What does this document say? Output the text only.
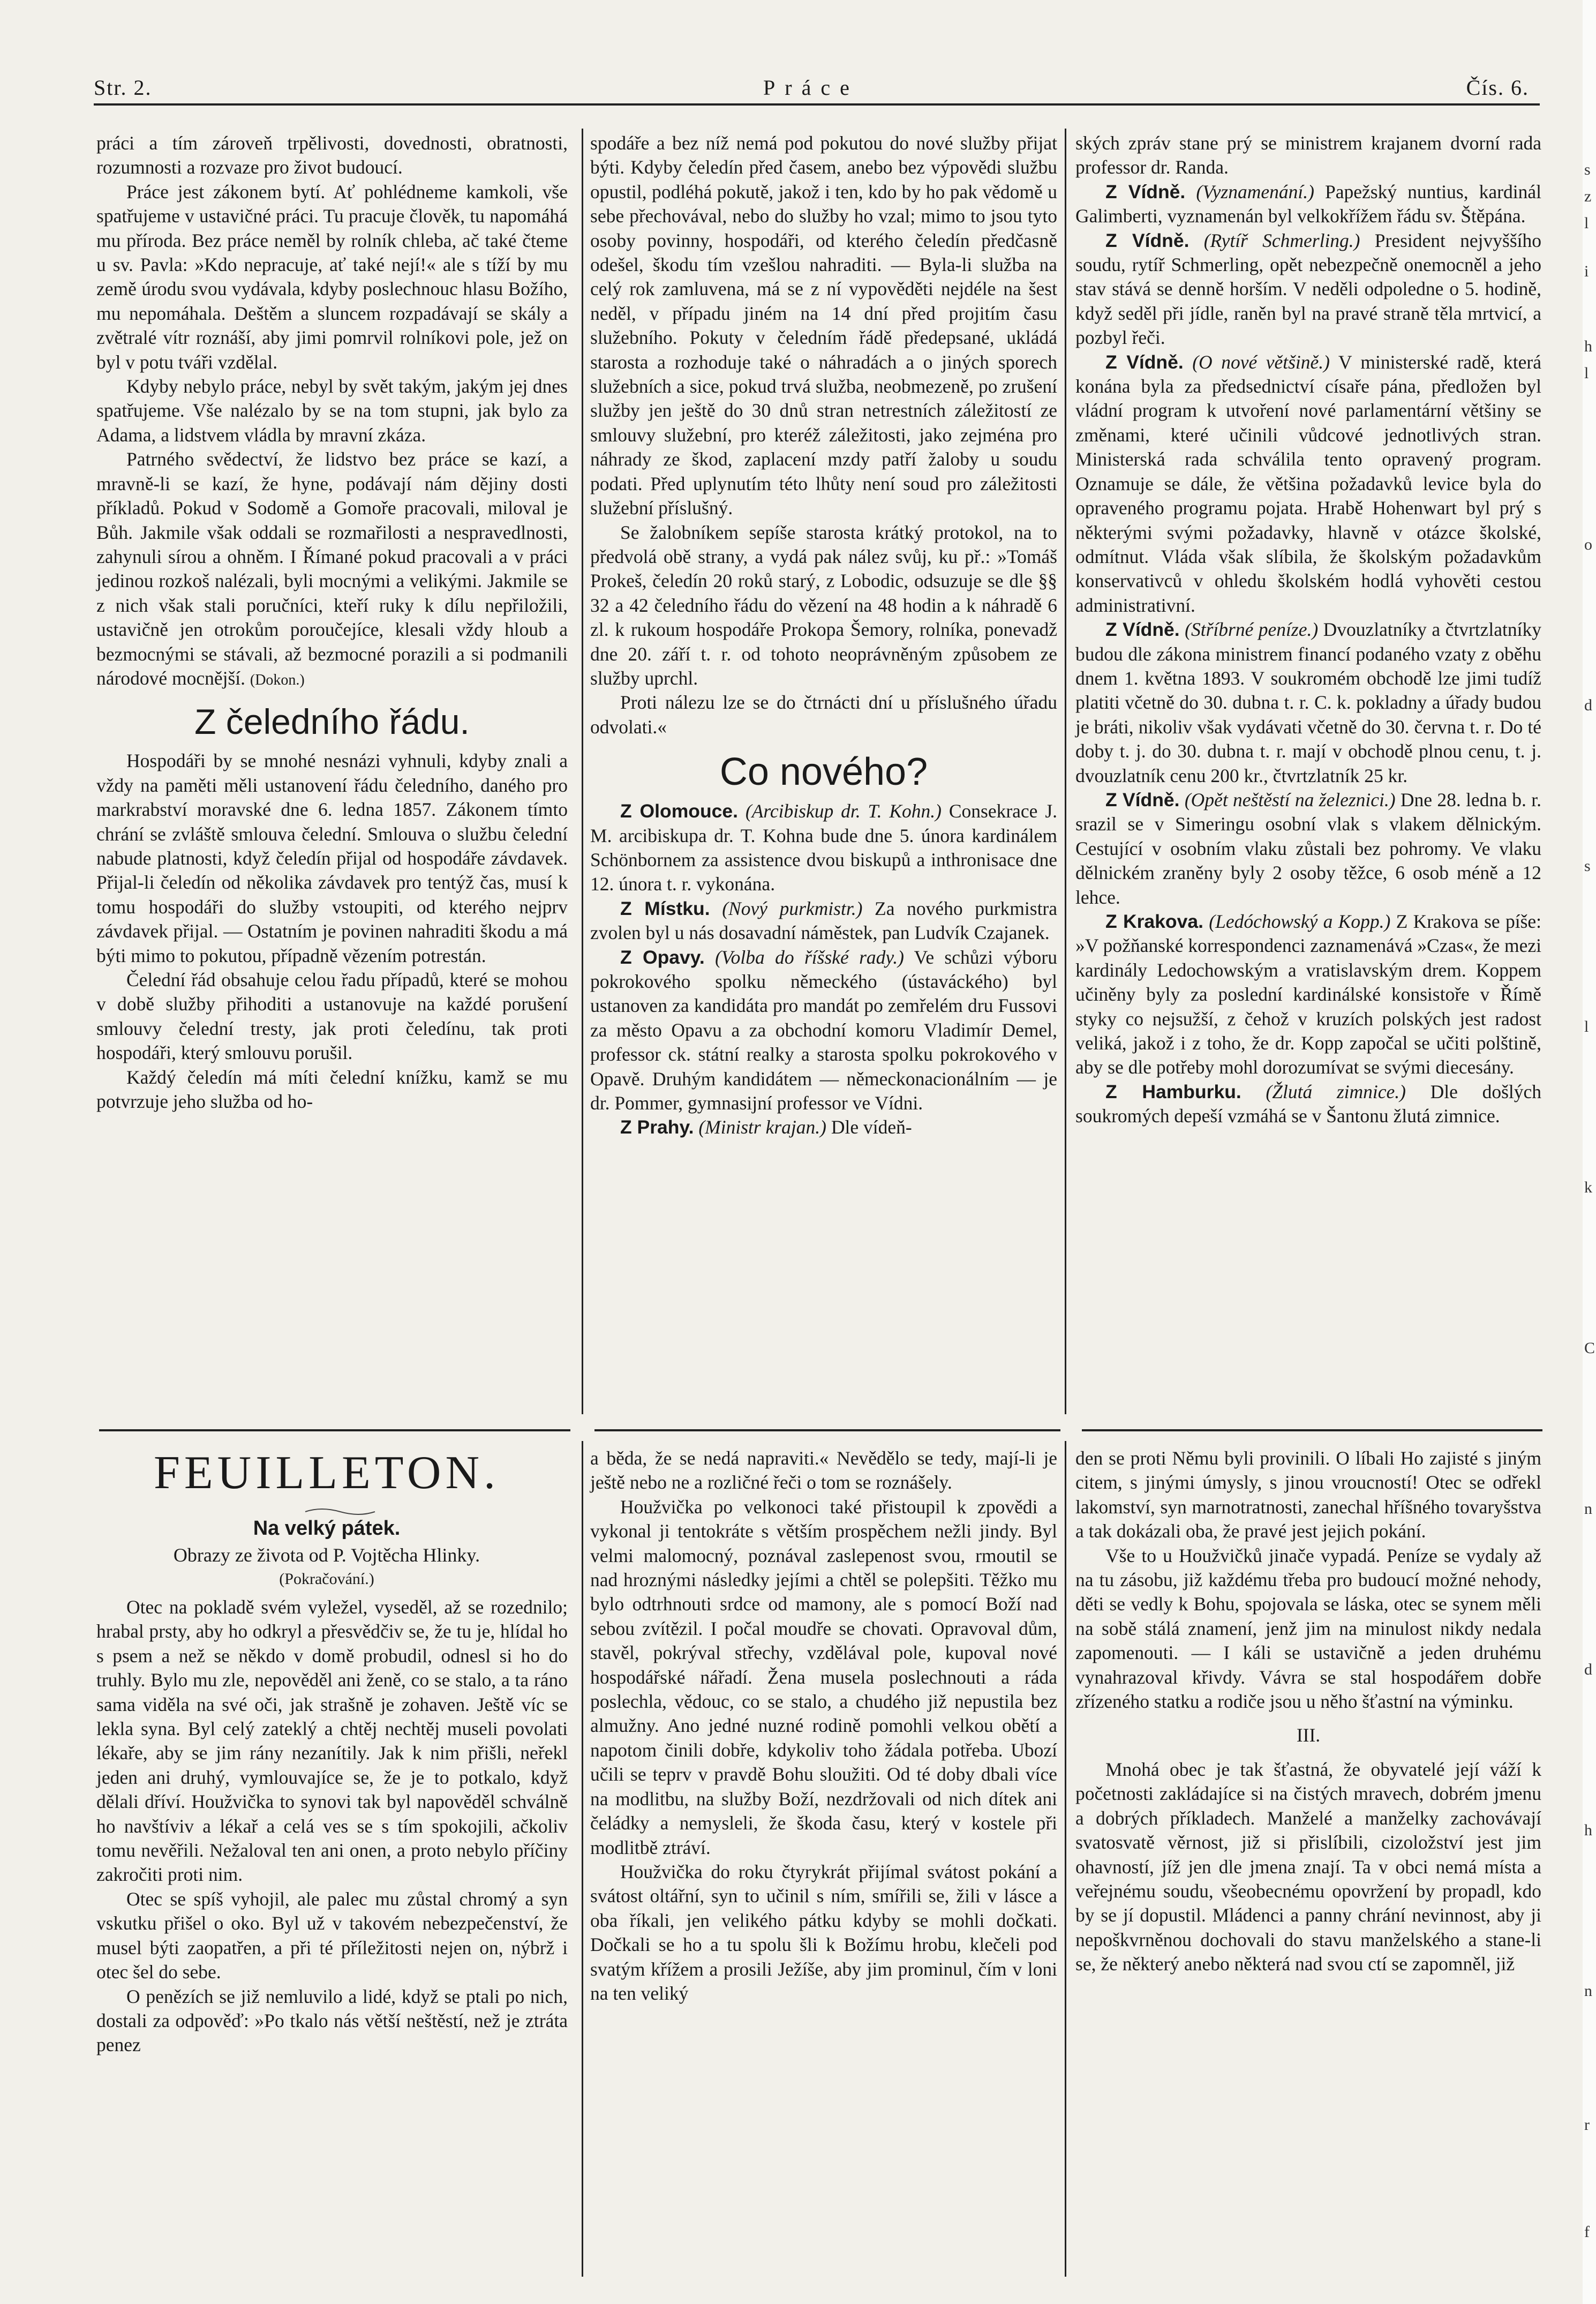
Str. 2.	Práce	Čís. 6.

práci a tím zároveň trpělivosti, dovednosti, obratnosti, rozumnosti a rozvaze pro život budoucí.

Práce jest zákonem bytí. Ať pohlédneme kamkoli, vše spatřujeme v ustavičné práci. Tu pracuje člověk, tu napomáhá mu příroda. Bez práce neměl by rolník chleba, ač také čteme u sv. Pavla: »Kdo nepracuje, ať také nejí!« ale s tíží by mu země úrodu svou vydávala, kdyby poslechnouc hlasu Božího, mu nepomáhala. Deštěm a sluncem rozpadávají se skály a zvětralé vítr roznáší, aby jimi pomrvil rolníkovi pole, jež on byl v potu tváři vzdělal.

Kdyby nebylo práce, nebyl by svět takým, jakým jej dnes spatřujeme. Vše nalézalo by se na tom stupni, jak bylo za Adama, a lidstvem vládla by mravní zkáza.

Patrného svědectví, že lidstvo bez práce se kazí, a mravně-li se kazí, že hyne, podávají nám dějiny dosti příkladů. Pokud v Sodomě a Gomoře pracovali, miloval je Bůh. Jakmile však oddali se rozmařilosti a nespravedlnosti, zahynuli sírou a ohněm. I Římané pokud pracovali a v práci jedinou rozkoš nalézali, byli mocnými a velikými. Jakmile se z nich však stali poručníci, kteří ruky k dílu nepřiložili, ustavičně jen otrokům poroučejíce, klesali vždy hloub a bezmocnými se stávali, až bezmocné porazili a si podmanili národové mocnější. (Dokon.)

Z čeledního řádu.

Hospodáři by se mnohé nesnázi vyhnuli, kdyby znali a vždy na paměti měli ustanovení řádu čeledního, daného pro markrabství moravské dne 6. ledna 1857. Zákonem tímto chrání se zvláště smlouva čelední. Smlouva o službu čelední nabude platnosti, když čeledín přijal od hospodáře závdavek. Přijal-li čeledín od několika závdavek pro tentýž čas, musí k tomu hospodáři do služby vstoupiti, od kterého nejprv závdavek přijal. — Ostatním je povinen nahraditi škodu a má býti mimo to pokutou, případně vězením potrestán.

Čelední řád obsahuje celou řadu případů, které se mohou v době služby přihoditi a ustanovuje na každé porušení smlouvy čelední tresty, jak proti čeledínu, tak proti hospodáři, který smlouvu porušil.

Každý čeledín má míti čelední knížku, kamž se mu potvrzuje jeho služba od ho-

spodáře a bez níž nemá pod pokutou do nové služby přijat býti. Kdyby čeledín před časem, anebo bez výpovědi službu opustil, podléhá pokutě, jakož i ten, kdo by ho pak vědomě u sebe přechovával, nebo do služby ho vzal; mimo to jsou tyto osoby povinny, hospodáři, od kterého čeledín předčasně odešel, škodu tím vzešlou nahraditi. — Byla-li služba na celý rok zamluvena, má se z ní vypověděti nejdéle na šest neděl, v případu jiném na 14 dní před projitím času služebního. Pokuty v čeledním řádě předepsané, ukládá starosta a rozhoduje také o náhradách a o jiných sporech služebních a sice, pokud trvá služba, neobmezeně, po zrušení služby jen ještě do 30 dnů stran netrestních záležitostí ze smlouvy služební, pro kteréž záležitosti, jako zejména pro náhrady ze škod, zaplacení mzdy patří žaloby u soudu podati. Před uplynutím této lhůty není soud pro záležitosti služební příslušný.

Se žalobníkem sepíše starosta krátký protokol, na to předvolá obě strany, a vydá pak nález svůj, ku př.: »Tomáš Prokeš, čeledín 20 roků starý, z Lobodic, odsuzuje se dle §§ 32 a 42 čeledního řádu do vězení na 48 hodin a k náhradě 6 zl. k rukoum hospodáře Prokopa Šemory, rolníka, ponevadž dne 20. září t. r. od tohoto neoprávněným způsobem ze služby uprchl.

Proti nálezu lze se do čtrnácti dní u příslušného úřadu odvolati.«

Co nového?

Z Olomouce. (Arcibiskup dr. T. Kohn.) Consekrace J. M. arcibiskupa dr. T. Kohna bude dne 5. února kardinálem Schönbornem za assistence dvou biskupů a inthronisace dne 12. února t. r. vykonána.

Z Místku. (Nový purkmistr.) Za nového purkmistra zvolen byl u nás dosavadní náměstek, pan Ludvík Czajanek.

Z Opavy. (Volba do říšské rady.) Ve schůzi výboru pokrokového spolku německého (ústaváckého) byl ustanoven za kandidáta pro mandát po zemřelém dru Fussovi za město Opavu a za obchodní komoru Vladimír Demel, professor ck. státní realky a starosta spolku pokrokového v Opavě. Druhým kandidátem — německonacionálním — je dr. Pommer, gymnasijní professor ve Vídni.

Z Prahy. (Ministr krajan.) Dle vídeň-

ských zpráv stane prý se ministrem krajanem dvorní rada professor dr. Randa.

Z Vídně. (Vyznamenání.) Papežský nuntius, kardinál Galimberti, vyznamenán byl velkokřížem řádu sv. Štěpána.

Z Vídně. (Rytíř Schmerling.) President nejvyššího soudu, rytíř Schmerling, opět nebezpečně onemocněl a jeho stav stává se denně horším. V neděli odpoledne o 5. hodině, když seděl při jídle, raněn byl na pravé straně těla mrtvicí, a pozbyl řeči.

Z Vídně. (O nové většině.) V ministerské radě, která konána byla za předsednictví císaře pána, předložen byl vládní program k utvoření nové parlamentární většiny se změnami, které učinili vůdcové jednotlivých stran. Ministerská rada schválila tento opravený program. Oznamuje se dále, že většina požadavků levice byla do opraveného programu pojata. Hrabě Hohenwart byl prý s některými svými požadavky, hlavně v otázce školské, odmítnut. Vláda však slíbila, že školským požadavkům konservativců v ohledu školském hodlá vyhověti cestou administrativní.

Z Vídně. (Stříbrné peníze.) Dvouzlatníky a čtvrtzlatníky budou dle zákona ministrem financí podaného vzaty z oběhu dnem 1. května 1893. V soukromém obchodě lze jimi tudíž platiti včetně do 30. dubna t. r. C. k. pokladny a úřady budou je bráti, nikoliv však vydávati včetně do 30. června t. r. Do té doby t. j. do 30. dubna t. r. mají v obchodě plnou cenu, t. j. dvouzlatník cenu 200 kr., čtvrtzlatník 25 kr.

Z Vídně. (Opět neštěstí na železnici.) Dne 28. ledna b. r. srazil se v Simeringu osobní vlak s vlakem dělnickým. Cestující v osobním vlaku zůstali bez pohromy. Ve vlaku dělnickém zraněny byly 2 osoby těžce, 6 osob méně a 12 lehce.

Z Krakova. (Ledóchowský a Kopp.) Z Krakova se píše: »V požňanské korrespondenci zaznamenává »Czas«, že mezi kardinály Ledochowským a vratislavským drem. Koppem učiněny byly za poslední kardinálské konsistoře v Římě styky co nejsužší, z čehož v kruzích polských jest radost veliká, jakož i z toho, že dr. Kopp započal se učiti polštině, aby se dle potřeby mohl dorozumívat se svými diecesány.

Z Hamburku. (Žlutá zimnice.) Dle došlých soukromých depeší vzmáhá se v Šantonu žlutá zimnice.

FEUILLETON.
Na velký pátek.
Obrazy ze života od P. Vojtěcha Hlinky.
(Pokračování.)

Otec na pokladě svém vyležel, vyseděl, až se rozednilo; hrabal prsty, aby ho odkryl a přesvědčiv se, že tu je, hlídal ho s psem a než se někdo v domě probudil, odnesl si ho do truhly. Bylo mu zle, nepověděl ani ženě, co se stalo, a ta ráno sama viděla na své oči, jak strašně je zohaven. Ještě víc se lekla syna. Byl celý zateklý a chtěj nechtěj museli povolati lékaře, aby se jim rány nezanítily. Jak k nim přišli, neřekl jeden ani druhý, vymlouvajíce se, že je to potkalo, když dělali dříví. Houžvička to synovi tak byl napověděl schválně ho navštíviv a lékař a celá ves se s tím spokojili, ačkoliv tomu nevěřili. Nežaloval ten ani onen, a proto nebylo příčiny zakročiti proti nim.

Otec se spíš vyhojil, ale palec mu zůstal chromý a syn vskutku přišel o oko. Byl už v takovém nebezpečenství, že musel býti zaopatřen, a při té příležitosti nejen on, nýbrž i otec šel do sebe.

O penězích se již nemluvilo a lidé, když se ptali po nich, dostali za odpověď: »Po tkalo nás větší neštěstí, než je ztráta penez

a běda, že se nedá napraviti.« Nevědělo se tedy, mají-li je ještě nebo ne a rozličné řeči o tom se roznášely.

Houžvička po velkonoci také přistoupil k zpovědi a vykonal ji tentokráte s větším prospěchem nežli jindy. Byl velmi malomocný, poznával zaslepenost svou, rmoutil se nad hroznými následky jejími a chtěl se polepšiti. Těžko mu bylo odtrhnouti srdce od mamony, ale s pomocí Boží nad sebou zvítězil. I počal moudře se chovati. Opravoval dům, stavěl, pokrýval střechy, vzdělával pole, kupoval nové hospodářské nářadí. Žena musela poslechnouti a ráda poslechla, vědouc, co se stalo, a chudého již nepustila bez almužny. Ano jedné nuzné rodině pomohli velkou obětí a napotom činili dobře, kdykoliv toho žádala potřeba. Ubozí učili se teprv v pravdě Bohu sloužiti. Od té doby dbali více na modlitbu, na služby Boží, nezdržovali od nich dítek ani čeládky a nemysleli, že škoda času, který v kostele při modlitbě ztráví.

Houžvička do roku čtyrykrát přijímal svátost pokání a svátost oltářní, syn to učinil s ním, smířili se, žili v lásce a oba říkali, jen velikého pátku kdyby se mohli dočkati. Dočkali se ho a tu spolu šli k Božímu hrobu, klečeli pod svatým křížem a prosili Ježíše, aby jim prominul, čím v loni na ten veliký

den se proti Němu byli provinili. O líbali Ho zajisté s jiným citem, s jinými úmysly, s jinou vroucností! Otec se odřekl lakomství, syn marnotratnosti, zanechal hříšného tovaryšstva a tak dokázali oba, že pravé jest jejich pokání.

Vše to u Houžvičků jinače vypadá. Peníze se vydaly až na tu zásobu, již každému třeba pro budoucí možné nehody, děti se vedly k Bohu, spojovala se láska, otec se synem měli na sobě stálá znamení, jenž jim na minulost nikdy nedala zapomenouti. — I káli se ustavičně a jeden druhému vynahrazoval křivdy. Vávra se stal hospodářem dobře zřízeného statku a rodiče jsou u něho šťastní na výminku.

III.

Mnohá obec je tak šťastná, že obyvatelé její váží k početnosti zakládajíce si na čistých mravech, dobrém jmenu a dobrých příkladech. Manželé a manželky zachovávají svatosvatě věrnost, již si přislíbili, cizoložství jest jim ohavností, jíž jen dle jmena znají. Ta v obci nemá místa a veřejnému soudu, všeobecnému opovržení by propadl, kdo by se jí dopustil. Mládenci a panny chrání nevinnost, aby ji nepoškvrněnou dochovali do stavu manželského a stane-li se, že některý anebo některá nad svou ctí se zapomněl, již

s
z
l
i
h
l
o
d
s
l
k
C
n
d
h
n
r
f
